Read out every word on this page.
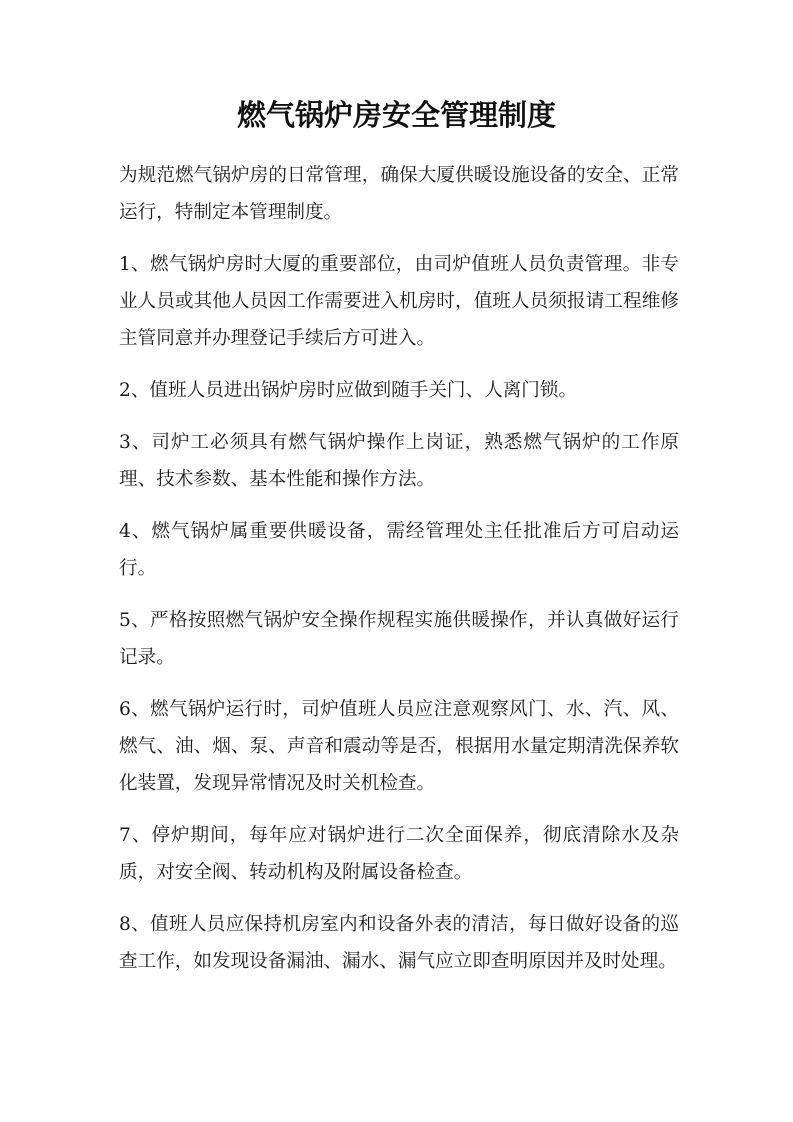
燃气锅炉房安全管理制度

为规范燃气锅炉房的日常管理，确保大厦供暖设施设备的安全、正常运行，特制定本管理制度。

1、燃气锅炉房时大厦的重要部位，由司炉值班人员负责管理。非专业人员或其他人员因工作需要进入机房时，值班人员须报请工程维修主管同意并办理登记手续后方可进入。

2、值班人员进出锅炉房时应做到随手关门、人离门锁。

3、司炉工必须具有燃气锅炉操作上岗证，熟悉燃气锅炉的工作原理、技术参数、基本性能和操作方法。

4、燃气锅炉属重要供暖设备，需经管理处主任批准后方可启动运行。

5、严格按照燃气锅炉安全操作规程实施供暖操作，并认真做好运行记录。

6、燃气锅炉运行时，司炉值班人员应注意观察风门、水、汽、风、燃气、油、烟、泵、声音和震动等是否，根据用水量定期清洗保养软化装置，发现异常情况及时关机检查。

7、停炉期间，每年应对锅炉进行二次全面保养，彻底清除水及杂质，对安全阀、转动机构及附属设备检查。

8、值班人员应保持机房室内和设备外表的清洁，每日做好设备的巡查工作，如发现设备漏油、漏水、漏气应立即查明原因并及时处理。
